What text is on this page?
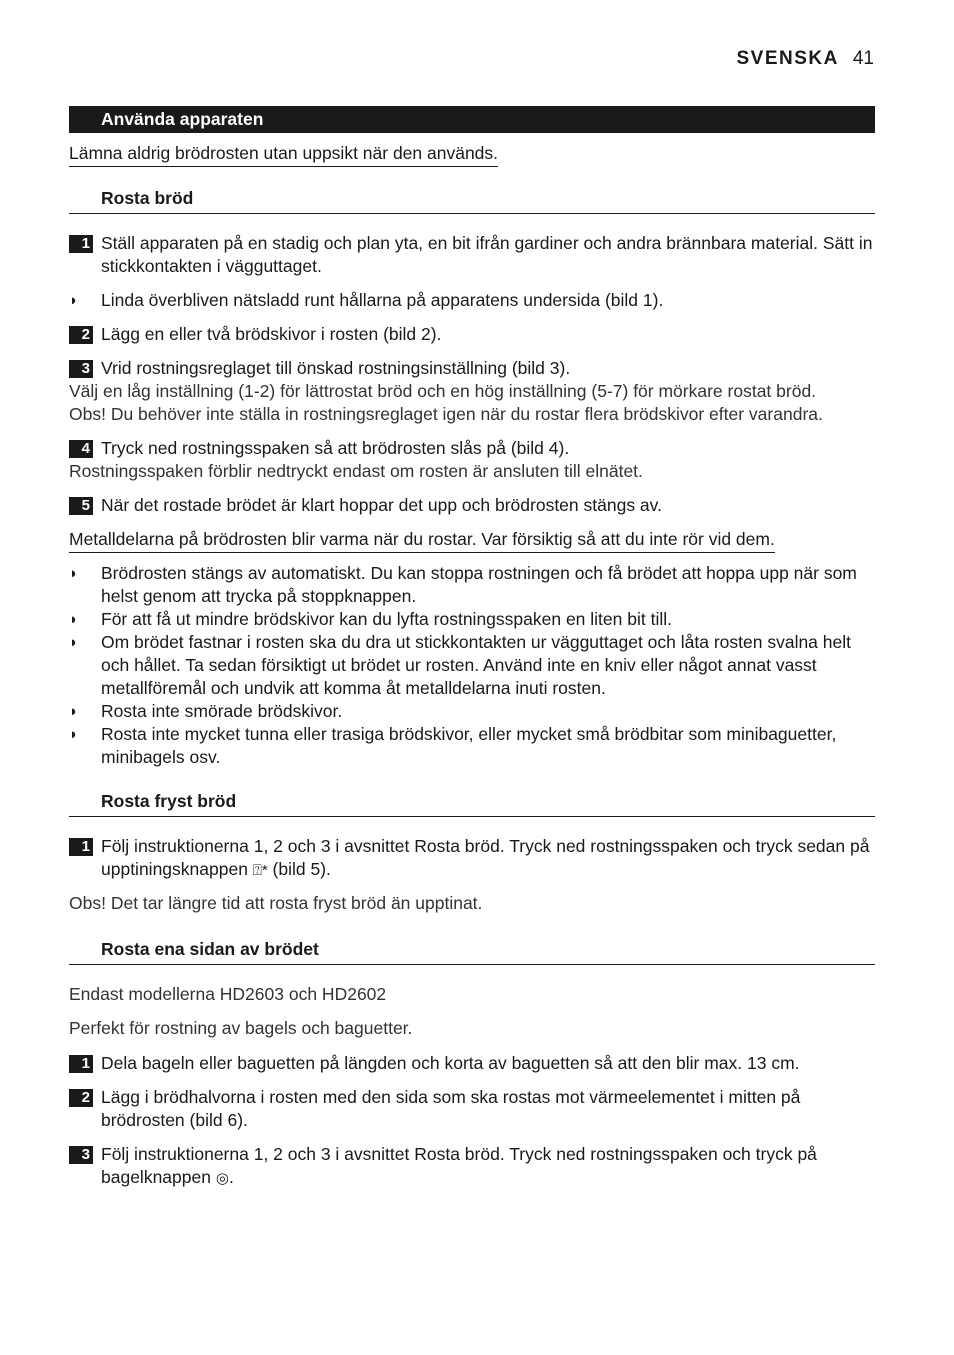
SVENSKA 41
Använda apparaten
Lämna aldrig brödrosten utan uppsikt när den används.
Rosta bröd
1 Ställ apparaten på en stadig och plan yta, en bit ifrån gardiner och andra brännbara material. Sätt in stickkontakten i vägguttaget.
◗ Linda överbliven nätsladd runt hållarna på apparatens undersida (bild 1).
2 Lägg en eller två brödskivor i rosten (bild 2).
3 Vrid rostningsreglaget till önskad rostningsinställning (bild 3).
Välj en låg inställning (1-2) för lättrostat bröd och en hög inställning (5-7) för mörkare rostat bröd.
Obs! Du behöver inte ställa in rostningsreglaget igen när du rostar flera brödskivor efter varandra.
4 Tryck ned rostningsspaken så att brödrosten slås på (bild 4).
Rostningsspaken förblir nedtryckt endast om rosten är ansluten till elnätet.
5 När det rostade brödet är klart hoppar det upp och brödrosten stängs av.
Metalldelarna på brödrosten blir varma när du rostar. Var försiktig så att du inte rör vid dem.
◗ Brödrosten stängs av automatiskt. Du kan stoppa rostningen och få brödet att hoppa upp när som helst genom att trycka på stoppknappen.
◗ För att få ut mindre brödskivor kan du lyfta rostningsspaken en liten bit till.
◗ Om brödet fastnar i rosten ska du dra ut stickkontakten ur vägguttaget och låta rosten svalna helt och hållet. Ta sedan försiktigt ut brödet ur rosten. Använd inte en kniv eller något annat vasst metallföremål och undvik att komma åt metalldelarna inuti rosten.
◗ Rosta inte smörade brödskivor.
◗ Rosta inte mycket tunna eller trasiga brödskivor, eller mycket små brödbitar som minibaguetter, minibagels osv.
Rosta fryst bröd
1 Följ instruktionerna 1, 2 och 3 i avsnittet Rosta bröd. Tryck ned rostningsspaken och tryck sedan på upptiningsknappen ⍰* (bild 5).
Obs! Det tar längre tid att rosta fryst bröd än upptinat.
Rosta ena sidan av brödet
Endast modellerna HD2603 och HD2602
Perfekt för rostning av bagels och baguetter.
1 Dela bageln eller baguetten på längden och korta av baguetten så att den blir max. 13 cm.
2 Lägg i brödhalvorna i rosten med den sida som ska rostas mot värmeelementet i mitten på brödrosten (bild 6).
3 Följ instruktionerna 1, 2 och 3 i avsnittet Rosta bröd. Tryck ned rostningsspaken och tryck på bagelknappen ◎.
